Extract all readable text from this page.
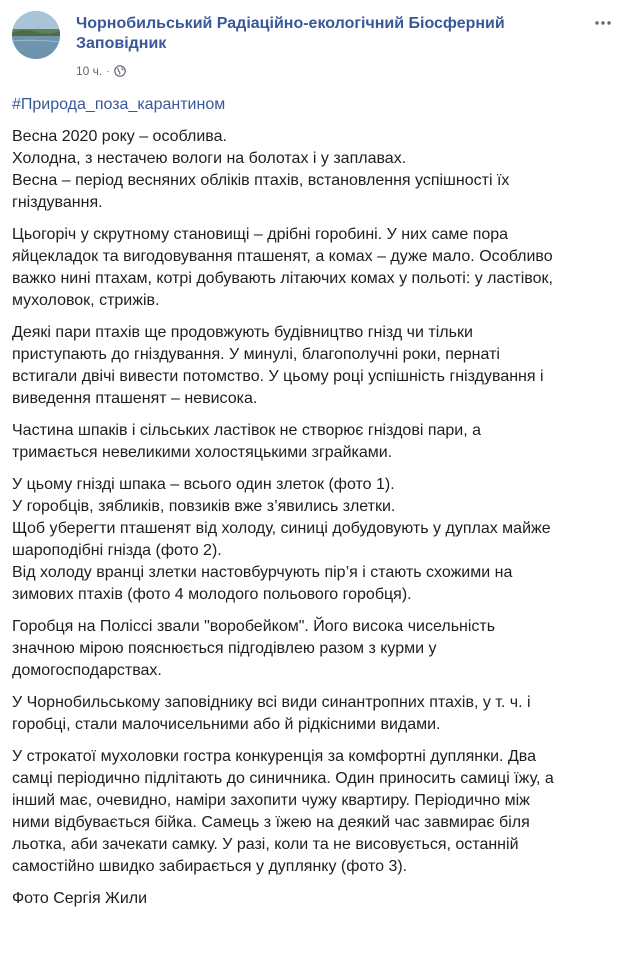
Чорнобильський Радіаційно-екологічний Біосферний
Заповідник
10 ч. ·
#Природа_поза_карантином
Весна 2020 року – особлива.
Холодна, з нестачею вологи на болотах і у заплавах.
Весна – період весняних обліків птахів, встановлення успішності їх
гніздування.
Цьогоріч у скрутному становищі – дрібні горобині. У них саме пора
яйцекладок та вигодовування пташенят, а комах – дуже мало. Особливо
важко нині птахам, котрі добувають літаючих комах у польоті: у ластівок,
мухоловок, стрижів.
Деякі пари птахів ще продовжують будівництво гнізд чи тільки
приступають до гніздування. У минулі, благополучні роки, пернаті
встигали двічі вивести потомство. У цьому році успішність гніздування і
виведення пташенят – невисока.
Частина шпаків і сільських ластівок не створює гніздові пари, а
тримається невеликими холостяцькими зграйками.
У цьому гнізді шпака – всього один злеток (фото 1).
У горобців, зябликів, повзиків вже з’явились злетки.
Щоб уберегти пташенят від холоду, синиці добудовують у дуплах майже
шароподібні гнізда (фото 2).
Від холоду вранці злетки настовбурчують пір’я і стають схожими на
зимових птахів (фото 4 молодого польового горобця).
Горобця на Поліссі звали "воробейком". Його висока чисельність
значною мірою пояснюється підгодівлею разом з курми у
домогосподарствах.
У Чорнобильському заповіднику всі види синантропних птахів, у т. ч. і
горобці, стали малочисельними або й рідкісними видами.
У строкатої мухоловки гостра конкуренція за комфортні дуплянки. Два
самці періодично підлітають до синичника. Один приносить самиці їжу, а
інший має, очевидно, наміри захопити чужу квартиру. Періодично між
ними відбувається бійка. Самець з їжею на деякий час завмирає біля
льотка, аби зачекати самку. У разі, коли та не висовується, останній
самостійно швидко забирається у дуплянку (фото 3).
Фото Сергія Жили
